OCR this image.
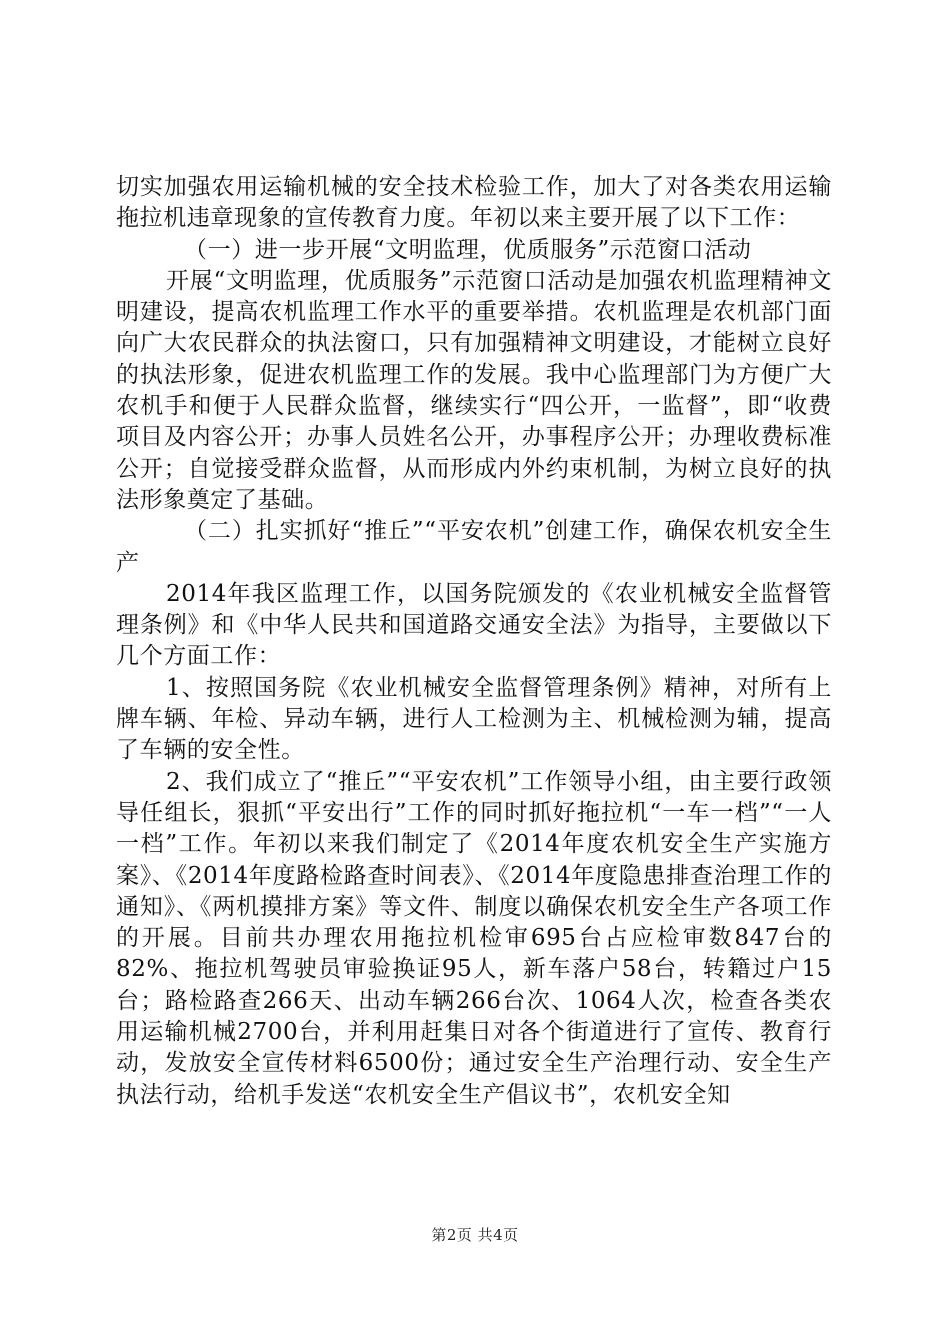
切实加强农用运输机械的安全技术检验工作，加大了对各类农用运输拖拉机违章现象的宣传教育力度。年初以来主要开展了以下工作：

（一）进一步开展“文明监理，优质服务”示范窗口活动

开展“文明监理，优质服务”示范窗口活动是加强农机监理精神文明建设，提高农机监理工作水平的重要举措。农机监理是农机部门面向广大农民群众的执法窗口，只有加强精神文明建设，才能树立良好的执法形象，促进农机监理工作的发展。我中心监理部门为方便广大农机手和便于人民群众监督，继续实行“四公开，一监督”，即“收费项目及内容公开；办事人员姓名公开，办事程序公开；办理收费标准公开；自觉接受群众监督，从而形成内外约束机制，为树立良好的执法形象奠定了基础。

（二）扎实抓好“推丘”“平安农机”创建工作，确保农机安全生产

2014年我区监理工作，以国务院颁发的《农业机械安全监督管理条例》和《中华人民共和国道路交通安全法》为指导，主要做以下几个方面工作：

1、按照国务院《农业机械安全监督管理条例》精神，对所有上牌车辆、年检、异动车辆，进行人工检测为主、机械检测为辅，提高了车辆的安全性。

2、我们成立了“推丘”“平安农机”工作领导小组，由主要行政领导任组长，狠抓“平安出行”工作的同时抓好拖拉机“一车一档”“一人一档”工作。年初以来我们制定了《2014年度农机安全生产实施方案》、《2014年度路检路查时间表》、《2014年度隐患排查治理工作的通知》、《两机摸排方案》等文件、制度以确保农机安全生产各项工作的开展。目前共办理农用拖拉机检审695台占应检审数847台的82%、拖拉机驾驶员审验换证95人，新车落户58台，转籍过户15台；路检路查266天、出动车辆266台次、1064人次，检查各类农用运输机械2700台，并利用赶集日对各个街道进行了宣传、教育行动，发放安全宣传材料6500份；通过安全生产治理行动、安全生产执法行动，给机手发送“农机安全生产倡议书”，农机安全知

第2页 共4页
